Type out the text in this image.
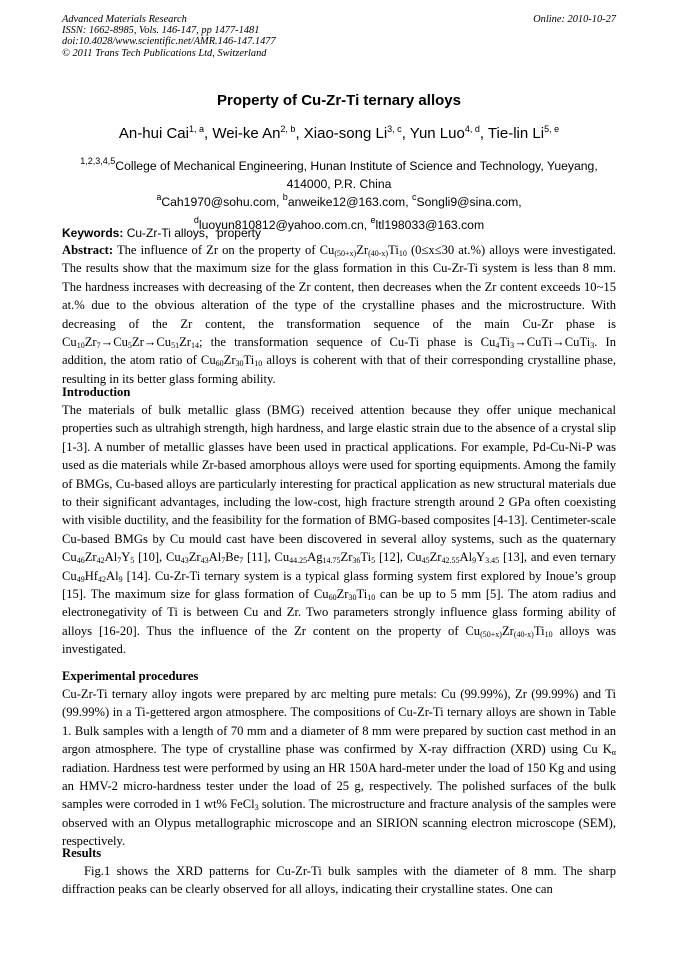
Advanced Materials Research
ISSN: 1662-8985, Vols. 146-147, pp 1477-1481
doi:10.4028/www.scientific.net/AMR.146-147.1477
© 2011 Trans Tech Publications Ltd, Switzerland
Online: 2010-10-27
Property of Cu-Zr-Ti ternary alloys
An-hui Cai$^{1, a}$, Wei-ke An$^{2, b}$, Xiao-song Li$^{3, c}$, Yun Luo$^{4, d}$, Tie-lin Li$^{5, e}$
$^{1,2,3,4,5}$College of Mechanical Engineering, Hunan Institute of Science and Technology, Yueyang,
414000, P.R. China
$^a$Cah1970@sohu.com, $^b$anweike12@163.com, $^c$Songli9@sina.com,
$^d$luoyun810812@yahoo.com.cn, $^e$ltl198033@163.com
Keywords: Cu-Zr-Ti alloys，property
Abstract: The influence of Zr on the property of $Cu_{(50+x)}Zr_{(40-x)}Ti_{10}$ (0≤x≤30 at.%) alloys were investigated. The results show that the maximum size for the glass formation in this Cu-Zr-Ti system is less than 8 mm. The hardness increases with decreasing of the Zr content, then decreases when the Zr content exceeds 10~15 at.% due to the obvious alteration of the type of the crystalline phases and the microstructure. With decreasing of the Zr content, the transformation sequence of the main Cu-Zr phase is $Cu_{10}Zr_7\to Cu_5Zr\to Cu_{51}Zr_{14}$; the transformation sequence of Cu-Ti phase is $Cu_4Ti_3\to CuTi\to CuTi_3$. In addition, the atom ratio of $Cu_{60}Zr_{30}Ti_{10}$ alloys is coherent with that of their corresponding crystalline phase, resulting in its better glass forming ability.
Introduction
The materials of bulk metallic glass (BMG) received attention because they offer unique mechanical properties such as ultrahigh strength, high hardness, and large elastic strain due to the absence of a crystal slip [1-3]. A number of metallic glasses have been used in practical applications. For example, Pd-Cu-Ni-P was used as die materials while Zr-based amorphous alloys were used for sporting equipments. Among the family of BMGs, Cu-based alloys are particularly interesting for practical application as new structural materials due to their significant advantages, including the low-cost, high fracture strength around 2 GPa often coexisting with visible ductility, and the feasibility for the formation of BMG-based composites [4-13]. Centimeter-scale Cu-based BMGs by Cu mould cast have been discovered in several alloy systems, such as the quaternary $Cu_{46}Zr_{42}Al_7Y_5$ [10], $Cu_{43}Zr_{43}Al_7Be_7$ [11], $Cu_{44.25}Ag_{14.75}Zr_{36}Ti_5$ [12], $Cu_{45}Zr_{42.55}Al_9Y_{3.45}$ [13], and even ternary $Cu_{49}Hf_{42}Al_9$ [14]. Cu-Zr-Ti ternary system is a typical glass forming system first explored by Inoue’s group [15]. The maximum size for glass formation of $Cu_{60}Zr_{30}Ti_{10}$ can be up to 5 mm [5]. The atom radius and electronegativity of Ti is between Cu and Zr. Two parameters strongly influence glass forming ability of alloys [16-20]. Thus the influence of the Zr content on the property of $Cu_{(50+x)}Zr_{(40-x)}Ti_{10}$ alloys was investigated.
Experimental procedures
Cu-Zr-Ti ternary alloy ingots were prepared by arc melting pure metals: Cu (99.99%), Zr (99.99%) and Ti (99.99%) in a Ti-gettered argon atmosphere. The compositions of Cu-Zr-Ti ternary alloys are shown in Table 1. Bulk samples with a length of 70 mm and a diameter of 8 mm were prepared by suction cast method in an argon atmosphere. The type of crystalline phase was confirmed by X-ray diffraction (XRD) using Cu $K_\alpha$ radiation. Hardness test were performed by using an HR 150A hard-meter under the load of 150 Kg and using an HMV-2 micro-hardness tester under the load of 25 g, respectively. The polished surfaces of the bulk samples were corroded in 1 wt% FeCl$_3$ solution. The microstructure and fracture analysis of the samples were observed with an Olypus metallographic microscope and an SIRION scanning electron microscope (SEM), respectively.
Results
Fig.1 shows the XRD patterns for Cu-Zr-Ti bulk samples with the diameter of 8 mm. The sharp diffraction peaks can be clearly observed for all alloys, indicating their crystalline states. One can
